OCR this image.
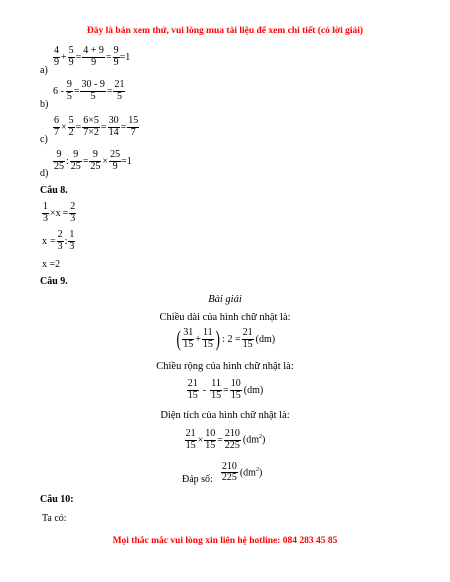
Đây là bản xem thử, vui lòng mua tài liệu để xem chi tiết (có lời giải)
a)
$\frac{4}{9} + \frac{5}{9} = \frac{4 + 9}{9} = \frac{9}{9} =1$
b)
$6 - \frac{9}{5} = \frac{30 - 9}{5} = \frac{21}{5}$
c)
$\frac{6}{7} \times \frac{5}{2} = \frac{6\times 5}{7\times 2} = \frac{30}{14} = \frac{15}{7}$
d)
$\frac{9}{25}$ : $\frac{9}{25} = \frac{9}{25} \times \frac{25}{9} =1$
Câu 8.
$\frac{1}{3} \times x = \frac{2}{3}$
$x = \frac{2}{3}$ : $\frac{1}{3}$
x =2
Câu 9.
Bài giải
Chiều dài của hình chữ nhật là:
( $\frac{31}{15} + \frac{11}{15}$ ) : $2 = \frac{21}{15} (dm)$
Chiều rộng của hình chữ nhật là:
$\frac{21}{15} - \frac{11}{15} = \frac{10}{15} (dm)$
Diện tích của hình chữ nhật là:
$\frac{21}{15} \times \frac{10}{15} = \frac{210}{225} (dm^2)$
Đáp số: $\frac{210}{225} (dm^2)$
Câu 10:
Ta có:
Mọi thắc mắc vui lòng xin liên hệ hotline: 084 283 45 85
